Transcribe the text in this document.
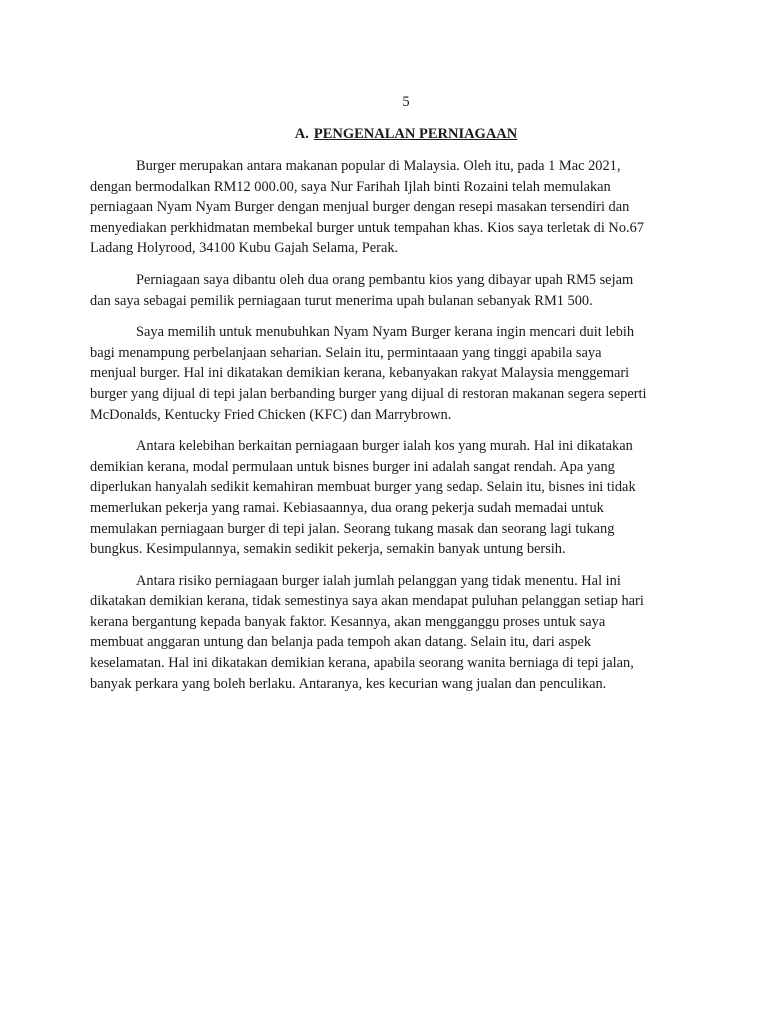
5
A. PENGENALAN PERNIAGAAN

Burger merupakan antara makanan popular di Malaysia. Oleh itu, pada 1 Mac 2021,
dengan bermodalkan RM12 000.00, saya Nur Farihah Ijlah binti Rozaini telah memulakan
perniagaan Nyam Nyam Burger dengan menjual burger dengan resepi masakan tersendiri dan
menyediakan perkhidmatan membekal burger untuk tempahan khas. Kios saya terletak di No.67
Ladang Holyrood, 34100 Kubu Gajah Selama, Perak.

Perniagaan saya dibantu oleh dua orang pembantu kios yang dibayar upah RM5 sejam
dan saya sebagai pemilik perniagaan turut menerima upah bulanan sebanyak RM1 500.

Saya memilih untuk menubuhkan Nyam Nyam Burger kerana ingin mencari duit lebih
bagi menampung perbelanjaan seharian. Selain itu, permintaaan yang tinggi apabila saya
menjual burger. Hal ini dikatakan demikian kerana, kebanyakan rakyat Malaysia menggemari
burger yang dijual di tepi jalan berbanding burger yang dijual di restoran makanan segera seperti
McDonalds, Kentucky Fried Chicken (KFC) dan Marrybrown.

Antara kelebihan berkaitan perniagaan burger ialah kos yang murah. Hal ini dikatakan
demikian kerana, modal permulaan untuk bisnes burger ini adalah sangat rendah. Apa yang
diperlukan hanyalah sedikit kemahiran membuat burger yang sedap. Selain itu, bisnes ini tidak
memerlukan pekerja yang ramai. Kebiasaannya, dua orang pekerja sudah memadai untuk
memulakan perniagaan burger di tepi jalan. Seorang tukang masak dan seorang lagi tukang
bungkus. Kesimpulannya, semakin sedikit pekerja, semakin banyak untung bersih.

Antara risiko perniagaan burger ialah jumlah pelanggan yang tidak menentu. Hal ini
dikatakan demikian kerana, tidak semestinya saya akan mendapat puluhan pelanggan setiap hari
kerana bergantung kepada banyak faktor. Kesannya, akan mengganggu proses untuk saya
membuat anggaran untung dan belanja pada tempoh akan datang. Selain itu, dari aspek
keselamatan. Hal ini dikatakan demikian kerana, apabila seorang wanita berniaga di tepi jalan,
banyak perkara yang boleh berlaku. Antaranya, kes kecurian wang jualan dan penculikan.
